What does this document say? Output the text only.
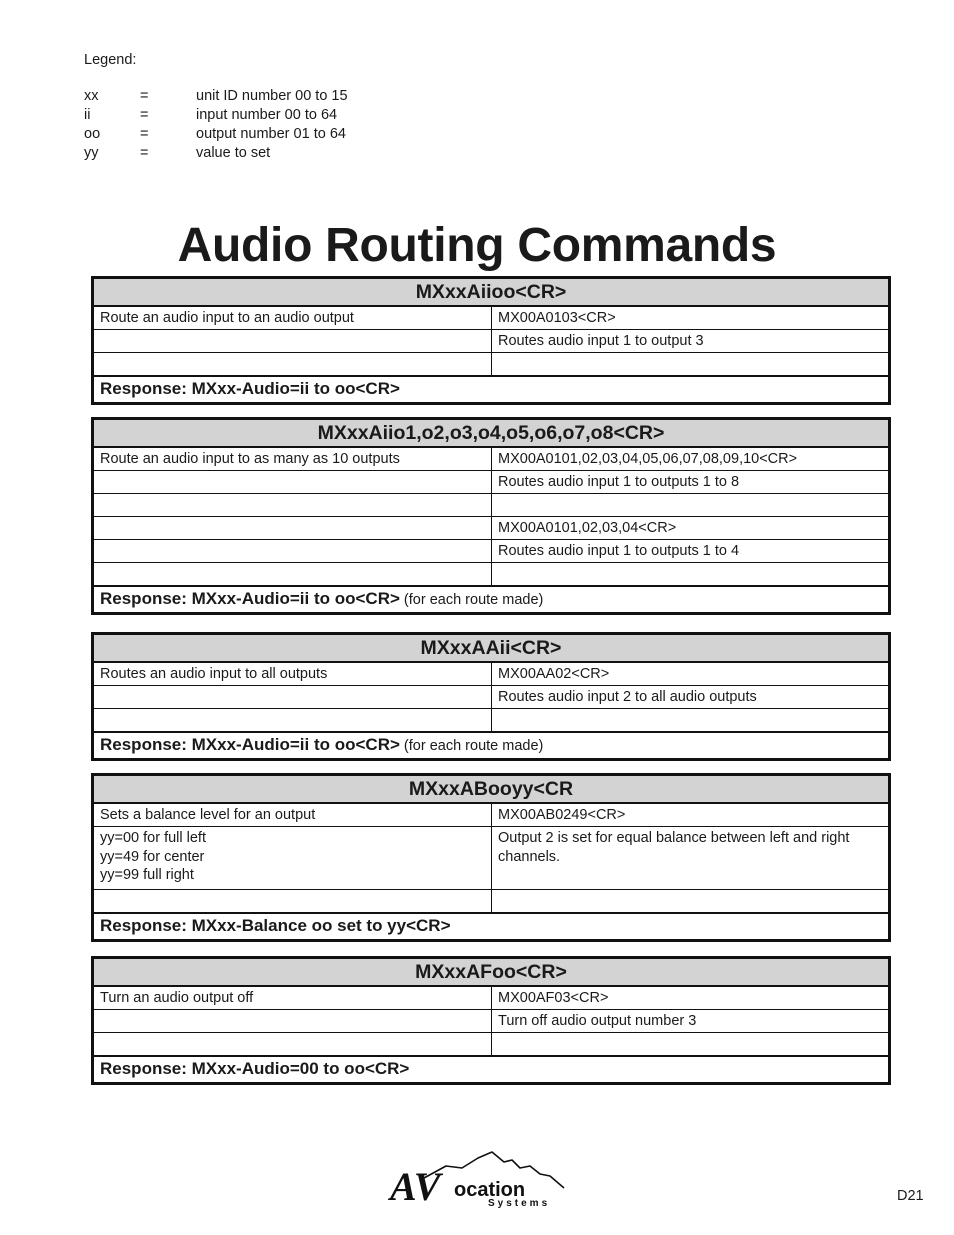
Legend:
xx	=	unit ID number 00 to 15
ii	=	input number 00 to 64
oo	=	output number 01 to 64
yy	=	value to set
Audio Routing Commands
MXxxAiioo<CR>	
Route an audio input to an audio output	MX00A0103<CR>
	Routes audio input 1 to output 3

Response: MXxx-Audio=ii to oo<CR>	
MXxxAiio1,o2,o3,o4,o5,o6,o7,o8<CR>	
Route an audio input to as many as 10 outputs	MX00A0101,02,03,04,05,06,07,08,09,10<CR>
	Routes audio input 1 to outputs 1 to 8

	MX00A0101,02,03,04<CR>
	Routes audio input 1 to outputs 1 to 4

Response: MXxx-Audio=ii to oo<CR> (for each route made)	
MXxxAAii<CR>	
Routes an audio input to all outputs	MX00AA02<CR>
	Routes audio input 2 to all audio outputs

Response: MXxx-Audio=ii to oo<CR> (for each route made)	
MXxxABooyy<CR	
Sets a balance level for an output	MX00AB0249<CR>
yy=00 for full left
yy=49 for center
yy=99 full right	Output 2 is set for equal balance between left and right channels.

Response: MXxx-Balance oo set to yy<CR>	
MXxxAFoo<CR>	
Turn an audio output off	MX00AF03<CR>
	Turn off audio output number 3

Response: MXxx-Audio=00 to oo<CR>	
AV ocation
Systems	D21
